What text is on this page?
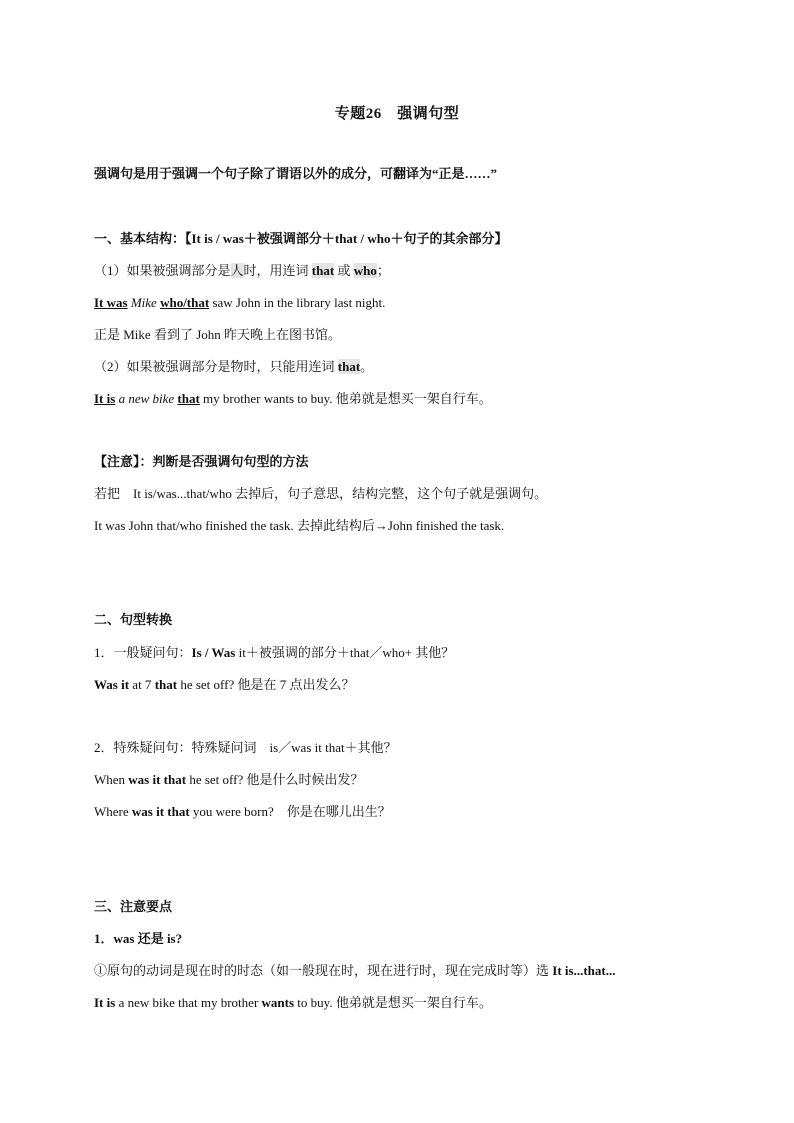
专题26　强调句型
强调句是用于强调一个句子除了谓语以外的成分，可翻译为“正是……”
一、基本结构：【It is / was＋被强调部分＋that / who＋句子的其余部分】
（1）如果被强调部分是人时，用连词 that 或 who；
It was Mike who/that saw John in the library last night.
正是 Mike 看到了 John 昨天晚上在图书馆。
（2）如果被强调部分是物时，只能用连词 that。
It is a new bike that my brother wants to buy. 他弟就是想买一架自行车。
【注意】：判断是否强调句句型的方法
若把　It is/was...that/who 去掉后，句子意思，结构完整，这个句子就是强调句。
It was John that/who finished the task. 去掉此结构后→John finished the task.
二、句型转换
1．一般疑问句：Is / Was it＋被强调的部分＋that／who+ 其他？
Was it at 7 that he set off? 他是在 7 点出发么？
2．特殊疑问句：特殊疑问词　is／was it that＋其他？
When was it that he set off? 他是什么时候出发？
Where was it that you were born?　你是在哪儿出生？
三、注意要点
1．was 还是 is?
①原句的动词是现在时的时态（如一般现在时，现在进行时，现在完成时等）选 It is...that...
It is a new bike that my brother wants to buy. 他弟就是想买一架自行车。
